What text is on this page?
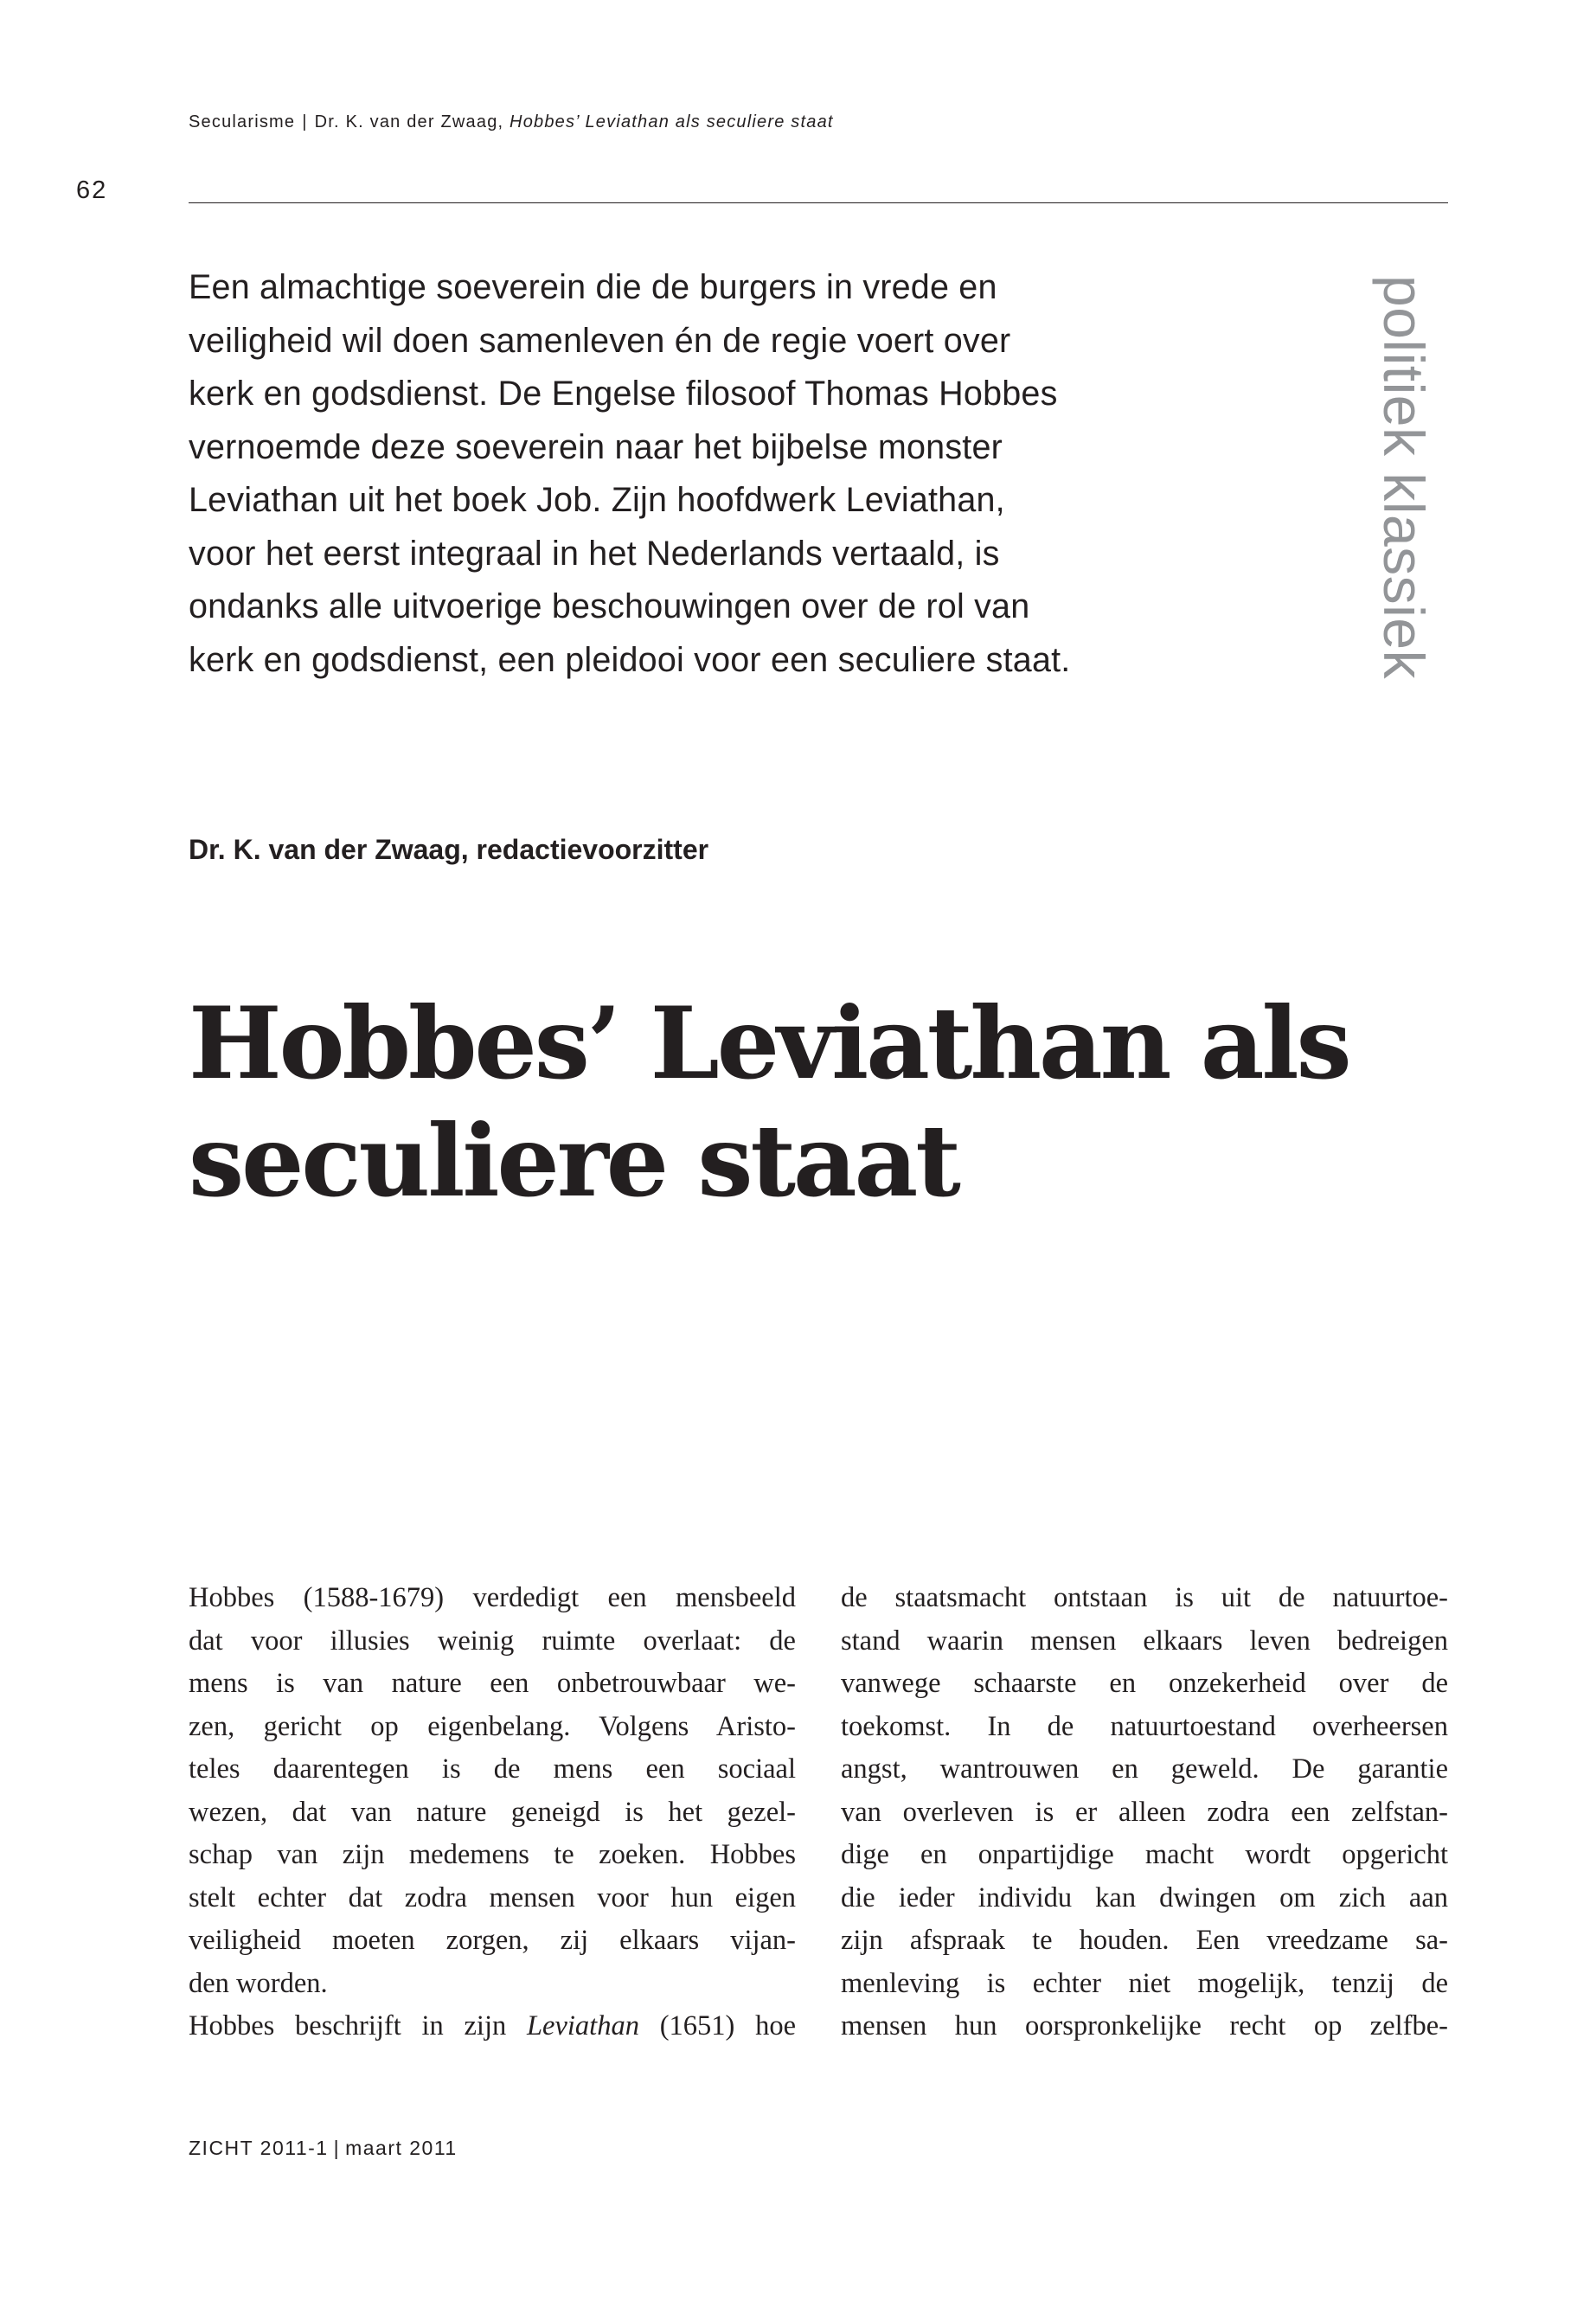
Secularisme | Dr. K. van der Zwaag, Hobbes’ Leviathan als seculiere staat
62
Een almachtige soeverein die de burgers in vrede en
veiligheid wil doen samenleven én de regie voert over
kerk en godsdienst. De Engelse filosoof Thomas Hobbes
vernoemde deze soeverein naar het bijbelse monster
Leviathan uit het boek Job. Zijn hoofdwerk Leviathan,
voor het eerst integraal in het Nederlands vertaald, is
ondanks alle uitvoerige beschouwingen over de rol van
kerk en godsdienst, een pleidooi voor een seculiere staat.	politiek klassiek
Dr. K. van der Zwaag, redactievoorzitter
Hobbes’ Leviathan als
seculiere staat
Hobbes (1588-1679) verdedigt een mensbeeld
dat voor illusies weinig ruimte overlaat: de
mens is van nature een onbetrouwbaar we-
zen, gericht op eigenbelang. Volgens Aristo-
teles daarentegen is de mens een sociaal
wezen, dat van nature geneigd is het gezel-
schap van zijn medemens te zoeken. Hobbes
stelt echter dat zodra mensen voor hun eigen
veiligheid moeten zorgen, zij elkaars vijan-
den worden.
Hobbes beschrijft in zijn Leviathan (1651) hoe
de staatsmacht ontstaan is uit de natuurtoe-
stand waarin mensen elkaars leven bedreigen
vanwege schaarste en onzekerheid over de
toekomst. In de natuurtoestand overheersen
angst, wantrouwen en geweld. De garantie
van overleven is er alleen zodra een zelfstan-
dige en onpartijdige macht wordt opgericht
die ieder individu kan dwingen om zich aan
zijn afspraak te houden. Een vreedzame sa-
menleving is echter niet mogelijk, tenzij de
mensen hun oorspronkelijke recht op zelfbe-
ZICHT 2011-1 | maart 2011
